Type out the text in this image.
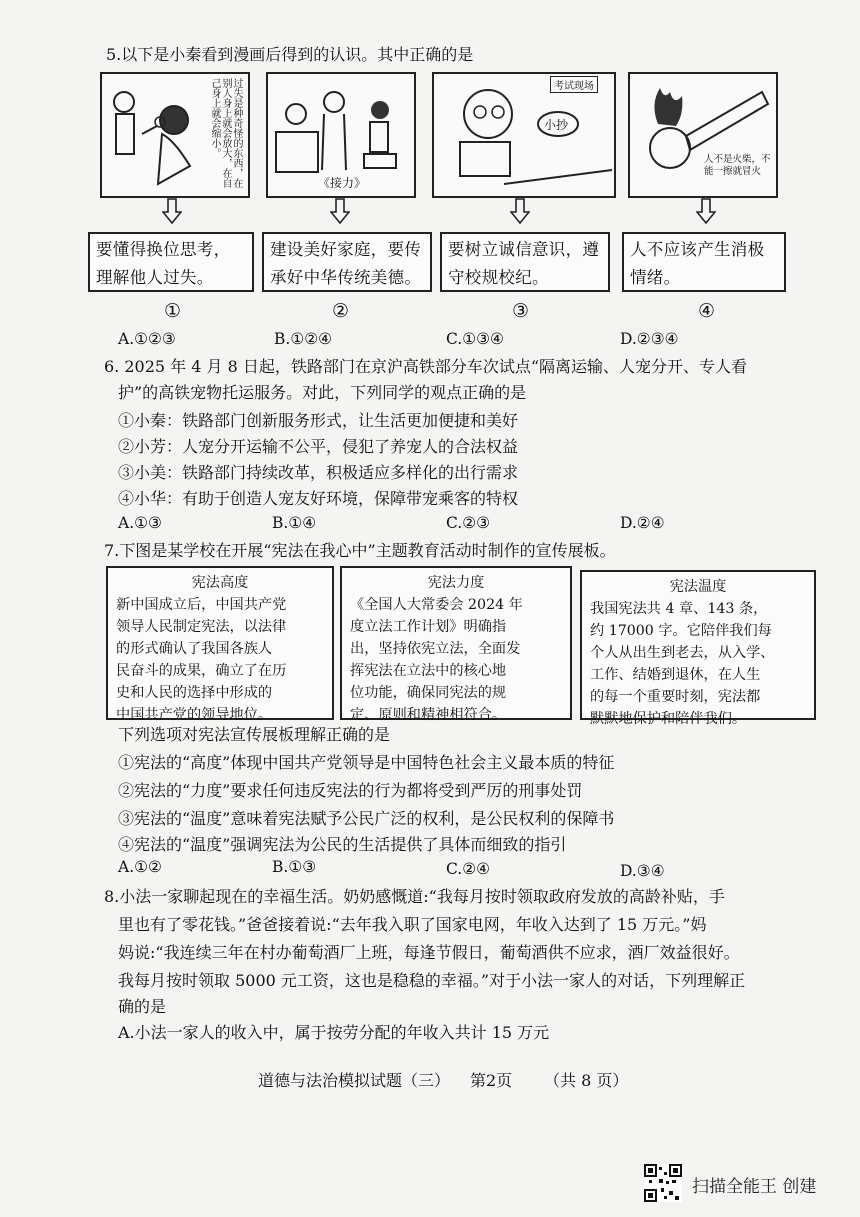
5.以下是小秦看到漫画后得到的认识。其中正确的是
过失是种奇怪的东西，在别人身上就会放大，在自己身上就会缩小。
《接力》
考试现场
小抄
人不是火柴，不能一擦就冒火
要懂得换位思考，理解他人过失。
建设美好家庭，要传承好中华传统美德。
要树立诚信意识，遵守校规校纪。
人不应该产生消极情绪。
①	②	③	④
A.①②③	B.①②④	C.①③④	D.②③④
6. 2025 年 4 月 8 日起，铁路部门在京沪高铁部分车次试点“隔离运输、人宠分开、专人看
护”的高铁宠物托运服务。对此，下列同学的观点正确的是
①小秦：铁路部门创新服务形式，让生活更加便捷和美好
②小芳：人宠分开运输不公平，侵犯了养宠人的合法权益
③小美：铁路部门持续改革，积极适应多样化的出行需求
④小华：有助于创造人宠友好环境，保障带宠乘客的特权
A.①③	B.①④	C.②③	D.②④
7.下图是某学校在开展“宪法在我心中”主题教育活动时制作的宣传展板。
宪法高度
新中国成立后，中国共产党
领导人民制定宪法，以法律
的形式确认了我国各族人
民奋斗的成果，确立了在历
史和人民的选择中形成的
中国共产党的领导地位。
宪法力度
《全国人大常委会 2024 年
度立法工作计划》明确指
出，坚持依宪立法，全面发
挥宪法在立法中的核心地
位功能，确保同宪法的规
定、原则和精神相符合。
宪法温度
我国宪法共 4 章、143 条，
约 17000 字。它陪伴我们每
个人从出生到老去，从入学、
工作、结婚到退休，在人生
的每一个重要时刻，宪法都
默默地保护和陪伴我们。
下列选项对宪法宣传展板理解正确的是
①宪法的“高度”体现中国共产党领导是中国特色社会主义最本质的特征
②宪法的“力度”要求任何违反宪法的行为都将受到严厉的刑事处罚
③宪法的“温度”意味着宪法赋予公民广泛的权利，是公民权利的保障书
④宪法的“温度”强调宪法为公民的生活提供了具体而细致的指引
A.①②	B.①③	C.②④	D.③④
8.小法一家聊起现在的幸福生活。奶奶感慨道:“我每月按时领取政府发放的高龄补贴，手
里也有了零花钱。”爸爸接着说:“去年我入职了国家电网，年收入达到了 15 万元。”妈
妈说:“我连续三年在村办葡萄酒厂上班，每逢节假日，葡萄酒供不应求，酒厂效益很好。
我每月按时领取 5000 元工资，这也是稳稳的幸福。”对于小法一家人的对话，下列理解正
确的是
A.小法一家人的收入中，属于按劳分配的年收入共计 15 万元
道德与法治模拟试题（三） 第2页 （共 8 页）
扫描全能王 创建
